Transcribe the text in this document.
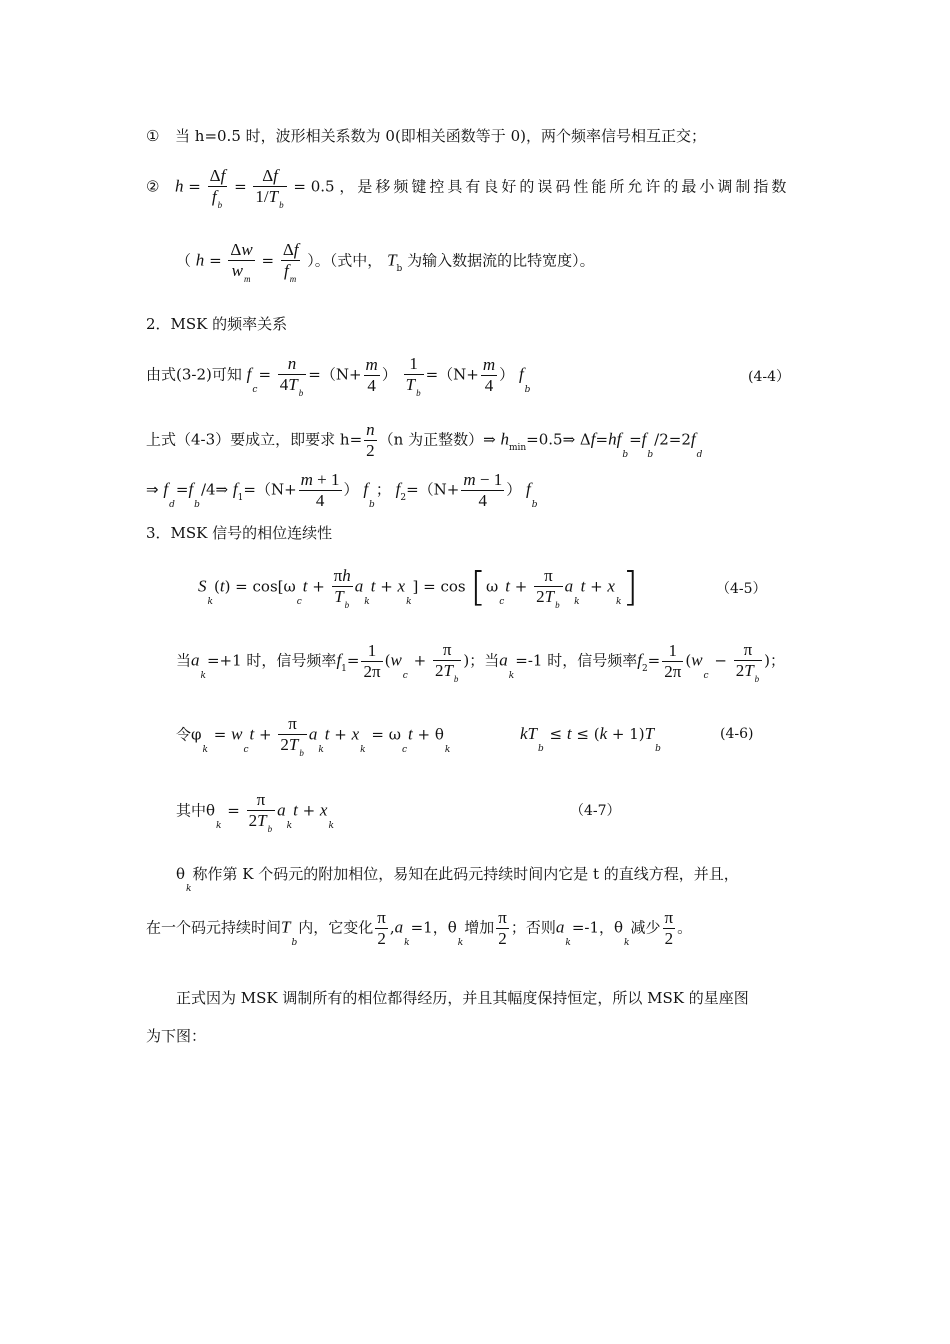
① 当 h=0.5 时，波形相关系数为 0(即相关函数等于 0)，两个频率信号相互正交；
② $h = \frac{\Delta f}{f_b} = \frac{\Delta f}{1/T_b} = 0.5$ ，是移频键控具有良好的误码性能所允许的最小调制指数
（ $h = \frac{\Delta w}{w_m} = \frac{\Delta f}{f_m}$ ）。（式中， $T_b$ 为输入数据流的比特宽度）。
2．MSK 的频率关系
由式(3-2)可知 $f_c= \frac{n}{4T_b} =(N+ \frac{m}{4}$ ） $\frac{1}{T_b} =(N+ \frac{m}{4}$ ） $f_b$
(4-4）
上式（4-3）要成立，即要求 $h= \frac{n}{2} (n$ 为正整数）⇒ $h_{min}=0.5\Rightarrow$ $\Delta f=hf_b=f_b/2=2f_d$
⇒ $f_d=f_b/4\Rightarrow$ $f_1=(N+ \frac{m + 1}{4}$ ） $f_b$； $f_2=(N+ \frac{m - 1}{4}$ ） $f_b$
3．MSK 信号的相位连续性
$S_k(t) = \cos[\omega_ct + \frac{\pi h}{T_b} a_kt + x_k] = \cos [\omega_ct + \frac{\pi}{2T_b} a_kt + x_k]$	（4-5）
当$a_k=+1$ 时，信号频率$f_1= \frac{1}{2\pi} (w_c + \frac{\pi}{2T_b}$ )；当$a_k=-1$ 时，信号频率$f_2= \frac{1}{2\pi} (w_c - \frac{\pi}{2T_b}$ )；
令$\varphi_k = w_ct + \frac{\pi}{2T_b} a_kt + x_k = \omega_ct + \theta_k$
$kT_b \le t \le (k + 1)T_b$
(4-6)
其中$\theta_k = \frac{\pi}{2T_b} a_kt + x_k$
（4-7）
$\theta_k$称作第 K 个码元的附加相位，易知在此码元持续时间内它是 t 的直线方程，并且，
在一个码元持续时间$T_b$内，它变化 $\frac{\pi}{2} ,a_k=1$，$\theta_k$增加 $\frac{\pi}{2}$ ；否则$a_k=-1$，$\theta_k$减少 $\frac{\pi}{2}$ 。
正式因为 MSK 调制所有的相位都得经历，并且其幅度保持恒定，所以 MSK 的星座图
为下图：
